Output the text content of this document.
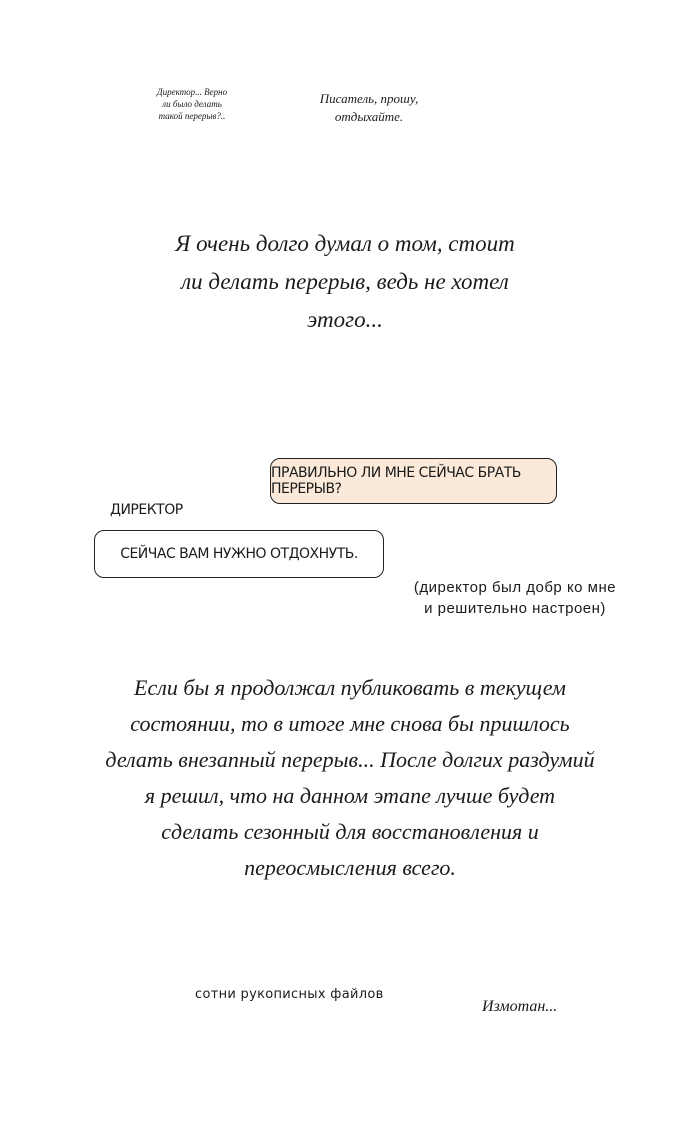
Директор... Верно ли было делать такой перерыв?..
Писатель, прошу, отдыхайте.
Я очень долго думал о том, стоит ли делать перерыв, ведь не хотел этого...
ПРАВИЛЬНО ЛИ МНЕ СЕЙЧАС БРАТЬ ПЕРЕРЫВ?
ДИРЕКТОР
СЕЙЧАС ВАМ НУЖНО ОТДОХНУТЬ.
(директор был добр ко мне и решительно настроен)
Если бы я продолжал публиковать в текущем состоянии, то в итоге мне снова бы пришлось делать внезапный перерыв... После долгих раздумий я решил, что на данном этапе лучше будет сделать сезонный для восстановления и переосмысления всего.
сотни рукописных файлов
Измотан...
